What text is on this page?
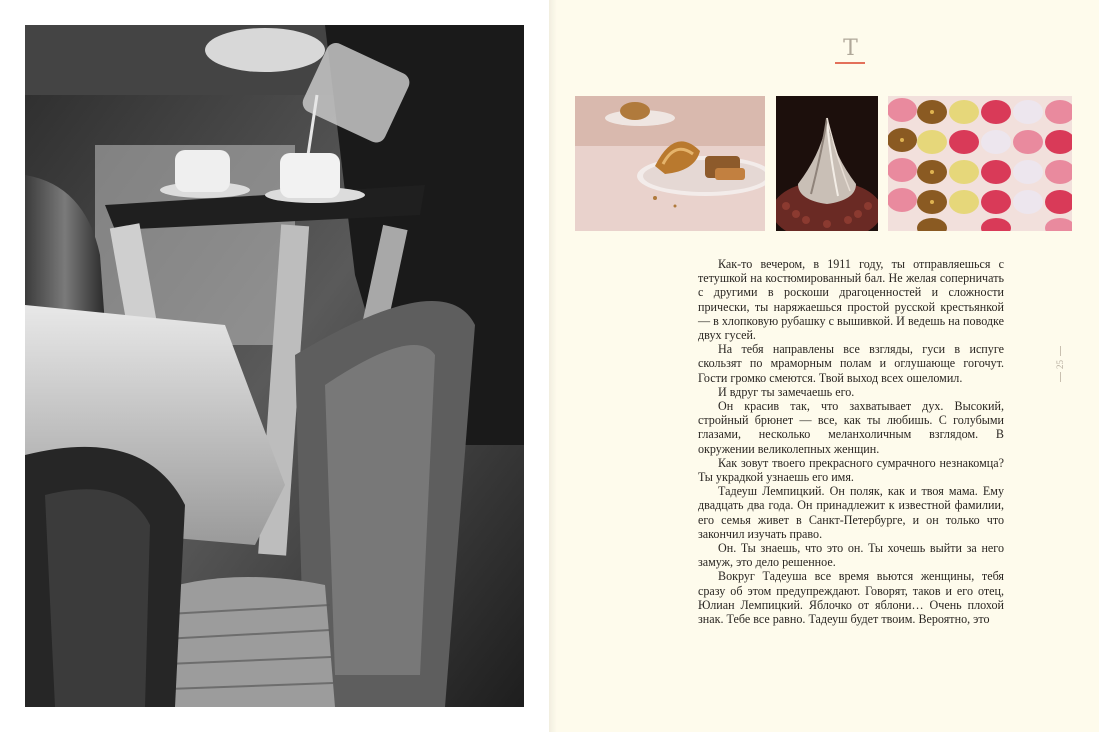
Т

Как-то вечером, в 1911 году, ты отправляешься с тетушкой на костюмированный бал. Не желая соперничать с другими в роскоши драгоценностей и сложности прически, ты наряжаешься простой русской крестьянкой — в хлопковую рубашку с вышивкой. И ведешь на поводке двух гусей.

На тебя направлены все взгляды, гуси в испуге скользят по мраморным полам и оглушающе гогочут. Гости громко смеются. Твой выход всех ошеломил.

И вдруг ты замечаешь его.

Он красив так, что захватывает дух. Высокий, стройный брюнет — все, как ты любишь. С голубыми глазами, несколько меланхоличным взглядом. В окружении великолепных женщин.

Как зовут твоего прекрасного сумрачного незнакомца? Ты украдкой узнаешь его имя.

Тадеуш Лемпицкий. Он поляк, как и твоя мама. Ему двадцать два года. Он принадлежит к известной фамилии, его семья живет в Санкт-Петербурге, и он только что закончил изучать право.

Он. Ты знаешь, что это он. Ты хочешь выйти за него замуж, это дело решенное.

Вокруг Тадеуша все время вьются женщины, тебя сразу об этом предупреждают. Говорят, таков и его отец, Юлиан Лемпицкий. Яблочко от яблони… Очень плохой знак. Тебе все равно. Тадеуш будет твоим. Вероятно, это

25
